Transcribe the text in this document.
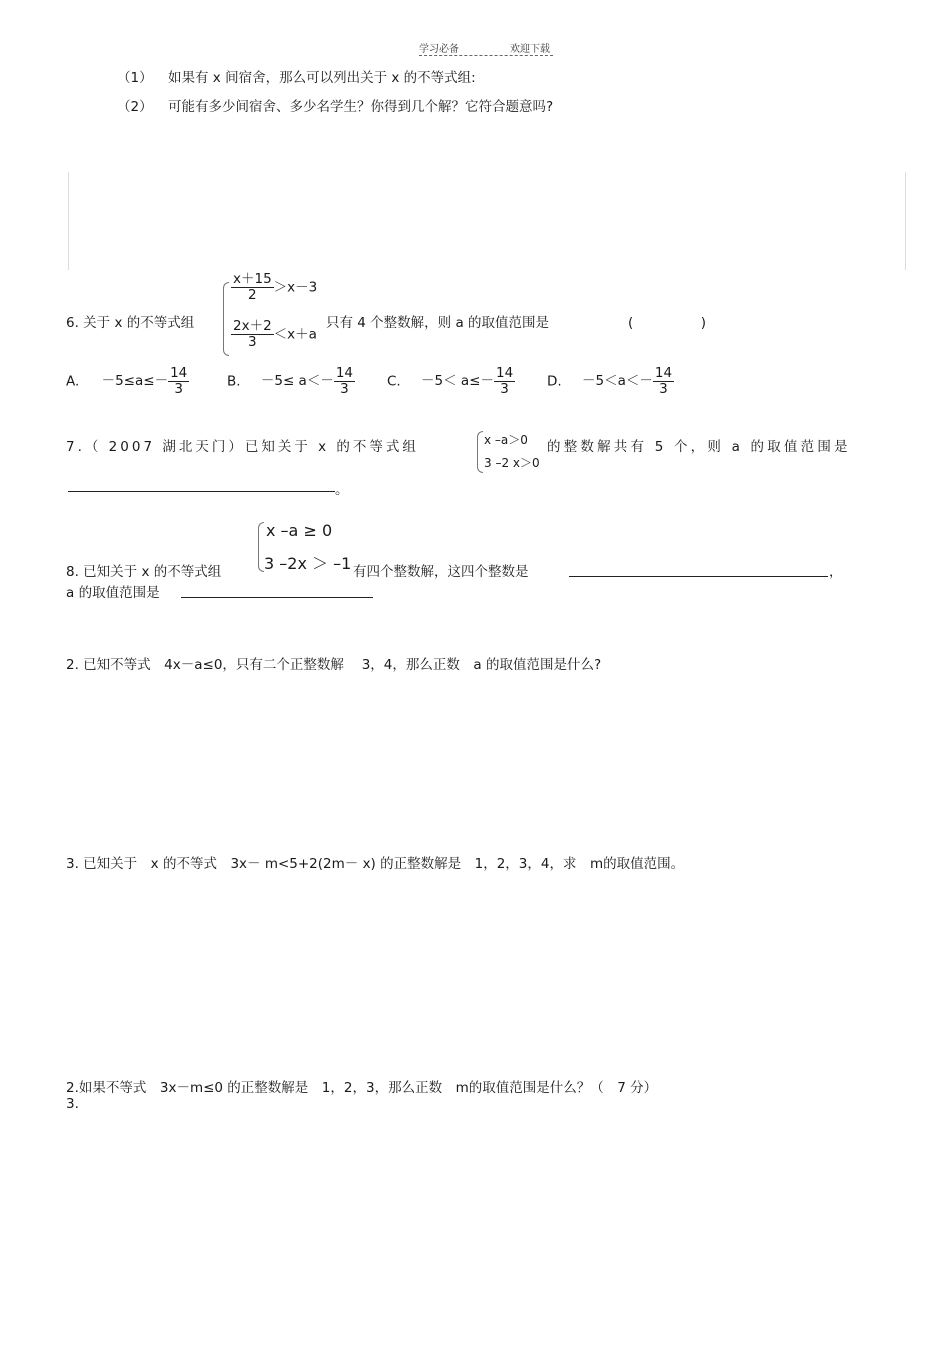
学习必备	欢迎下载
（1） 如果有 x 间宿舍，那么可以列出关于 x 的不等式组:
（2） 可能有多少间宿舍、多少名学生？你得到几个解？它符合题意吗?
6. 关于 x 的不等式组
$\frac{x+15}{2} >x-3$
$\frac{2x+2}{3} <x+a$
只有 4 个整数解，则 a 的取值范围是	(　　　　　)
A. $-5\le a\le- \frac{14}{3}$	B. $-5\le a<- \frac{14}{3} C$. $-5< a\le- \frac{14}{3} D$. $-5<a<- \frac{14}{3}$
7.（ 2007 湖北天门）已知关于 x 的不等式组	x –a＞0
3 –2 x＞0
的整数解共有 5 个，则 a 的取值范围是
。
8. 已知关于 x 的不等式组
x –a ≥ 0
3 –2x ＞ –1 有四个整数解，这四个整数是	，
a 的取值范围是
2. 已知不等式　4x－a≤0，只有二个正整数解　 3，4，那么正数　a 的取值范围是什么?
3. 已知关于　x 的不等式　3x－ m<5+2(2m－ x) 的正整数解是　1，2，3，4，求　m的取值范围。
2.如果不等式　3x－m≤0 的正整数解是　1，2，3，那么正数　m的取值范围是什么？（　7 分）
3.
